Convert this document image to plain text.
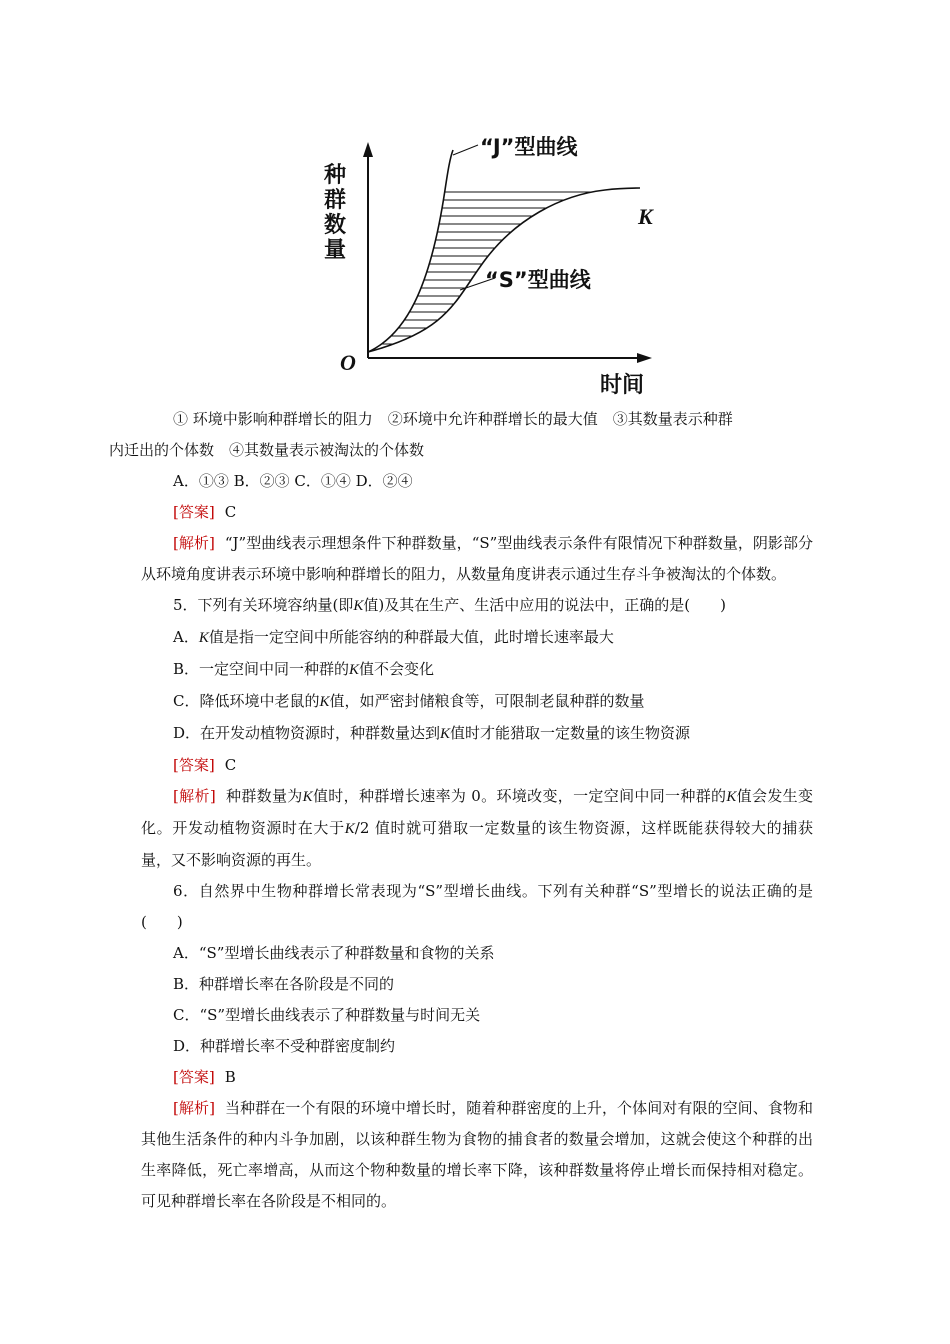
种
群
数
量
“J”型曲线
“S”型曲线
K
O
时间

① 环境中影响种群增长的阻力　②环境中允许种群增长的最大值　③其数量表示种群
内迁出的个体数　④其数量表示被淘汰的个体数

A．①③ B．②③ C．①④ D．②④

[答案] C

[解析] “J”型曲线表示理想条件下种群数量，“S”型曲线表示条件有限情况下种群数量，阴影部分从环境角度讲表示环境中影响种群增长的阻力，从数量角度讲表示通过生存斗争被淘汰的个体数。

5．下列有关环境容纳量(即K值)及其在生产、生活中应用的说法中，正确的是(　　)

A．K值是指一定空间中所能容纳的种群最大值，此时增长速率最大

B．一定空间中同一种群的K值不会变化

C．降低环境中老鼠的K值，如严密封储粮食等，可限制老鼠种群的数量

D．在开发动植物资源时，种群数量达到K值时才能猎取一定数量的该生物资源

[答案] C

[解析] 种群数量为K值时，种群增长速率为 0。环境改变，一定空间中同一种群的K值会发生变化。开发动植物资源时在大于K/2 值时就可猎取一定数量的该生物资源，这样既能获得较大的捕获量，又不影响资源的再生。

6．自然界中生物种群增长常表现为“S”型增长曲线。下列有关种群“S”型增长的说法正确的是(　　)

A．“S”型增长曲线表示了种群数量和食物的关系

B．种群增长率在各阶段是不同的

C．“S”型增长曲线表示了种群数量与时间无关

D．种群增长率不受种群密度制约

[答案] B

[解析] 当种群在一个有限的环境中增长时，随着种群密度的上升，个体间对有限的空间、食物和其他生活条件的种内斗争加剧，以该种群生物为食物的捕食者的数量会增加，这就会使这个种群的出生率降低，死亡率增高，从而这个物种数量的增长率下降，该种群数量将停止增长而保持相对稳定。可见种群增长率在各阶段是不相同的。
